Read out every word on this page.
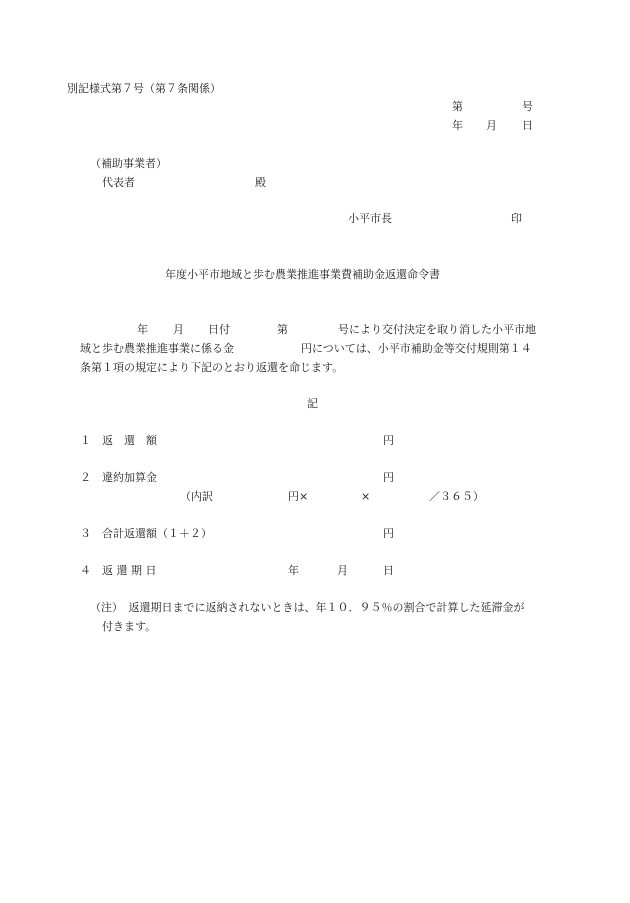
別記様式第７号（第７条関係）
第	号
年 月 日
（補助事業者）
代表者	殿
小平市長	印
年度小平市地域と歩む農業推進事業費補助金返還命令書
年 月 日付	第	号により交付決定を取り消した小平市地
域と歩む農業推進事業に係る金	円については、小平市補助金等交付規則第１４
条第１項の規定により下記のとおり返還を命じます。
記
１ 返　還　額	円
２ 違約加算金	円
（内訳	円×	×	／３６５）
３ 合計返還額（１＋２）	円
４ 返 還 期 日	年	月	日
（注）　返還期日までに返納されないときは、年１０．９５％の割合で計算した延滞金が
付きます。
